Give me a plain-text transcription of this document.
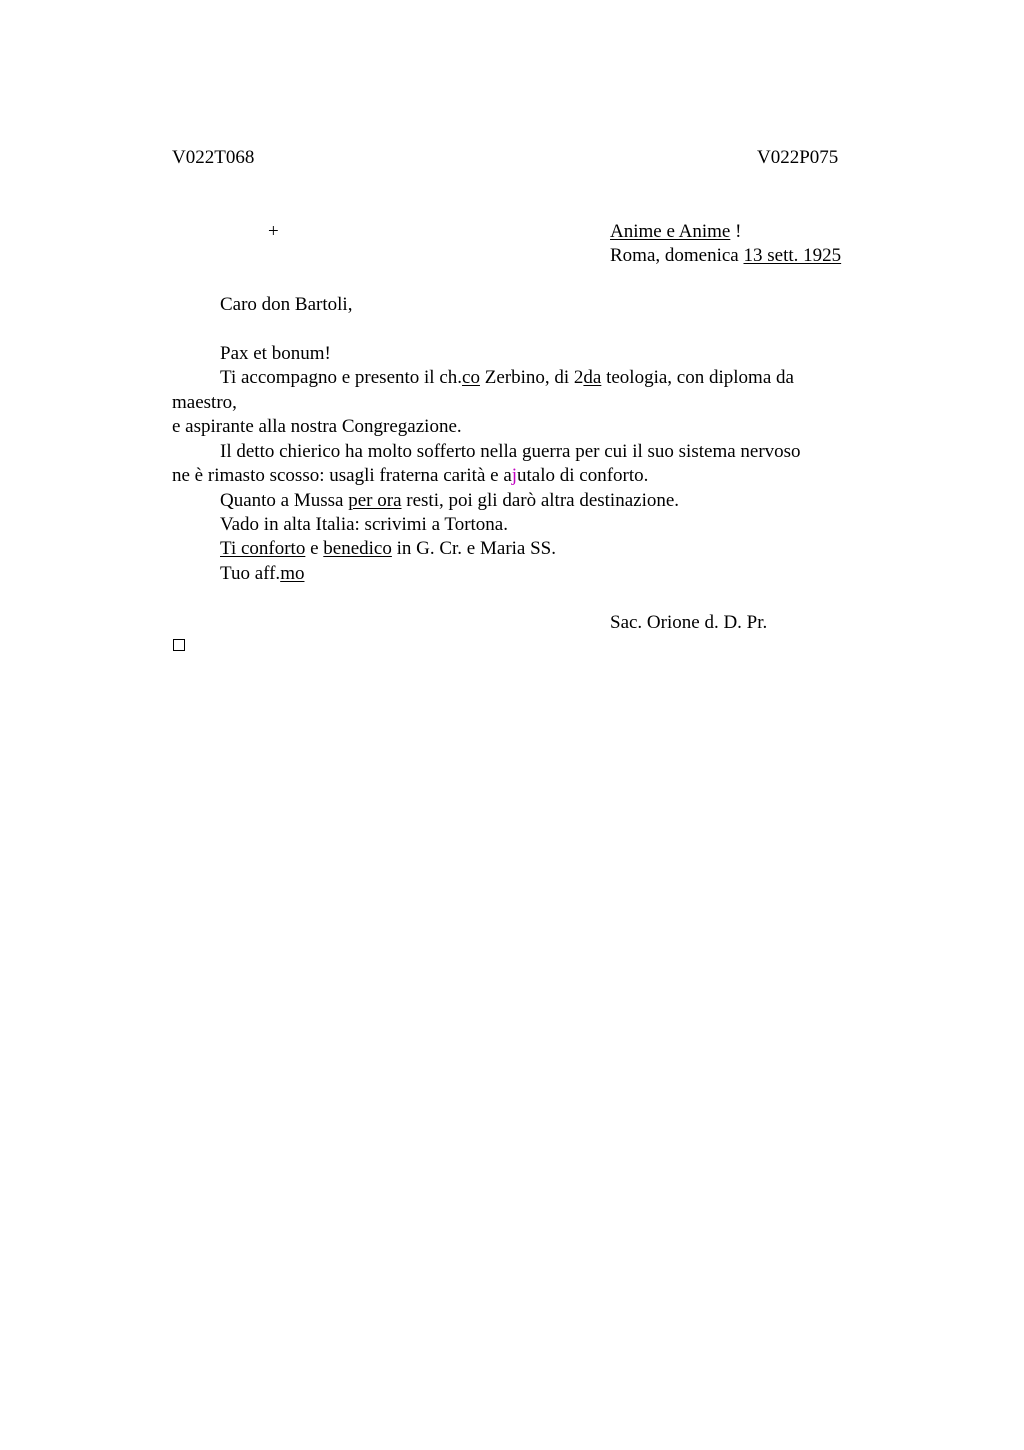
V022T068	V022P075
+	Anime e Anime !
Roma, domenica 13 sett. 1925
Caro don Bartoli,
Pax et bonum!
Ti accompagno e presento il ch.co Zerbino, di 2da teologia, con diploma da
maestro,
e aspirante alla nostra Congregazione.
Il detto chierico ha molto sofferto nella guerra per cui il suo sistema nervoso
ne è rimasto scosso: usagli fraterna carità e ajutalo di conforto.
Quanto a Mussa per ora resti, poi gli darò altra destinazione.
Vado in alta Italia: scrivimi a Tortona.
Ti conforto e benedico in G. Cr. e Maria SS.
Tuo aff.mo
Sac. Orione d. D. Pr.
